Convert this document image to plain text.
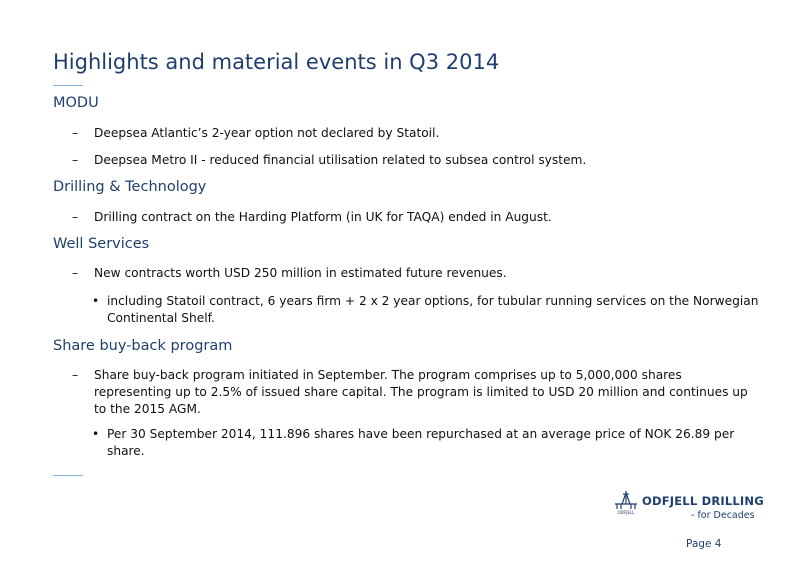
Highlights and material events in Q3 2014
MODU
–	Deepsea Atlantic’s 2-year option not declared by Statoil.
–	Deepsea Metro II - reduced financial utilisation related to subsea control system.
Drilling & Technology
–	Drilling contract on the Harding Platform (in UK for TAQA) ended in August.
Well Services
–	New contracts worth USD 250 million in estimated future revenues.
• including Statoil contract, 6 years firm + 2 x 2 year options, for tubular running services on the Norwegian Continental Shelf.
Share buy-back program
–	Share buy-back program initiated in September. The program comprises up to 5,000,000 shares representing up to 2.5% of issued share capital. The program is limited to USD 20 million and continues up to the 2015 AGM.
• Per 30 September 2014, 111.896 shares have been repurchased at an average price of NOK 26.89 per share.
ODFJELL
ODFJELL DRILLING
- for Decades
Page 4
